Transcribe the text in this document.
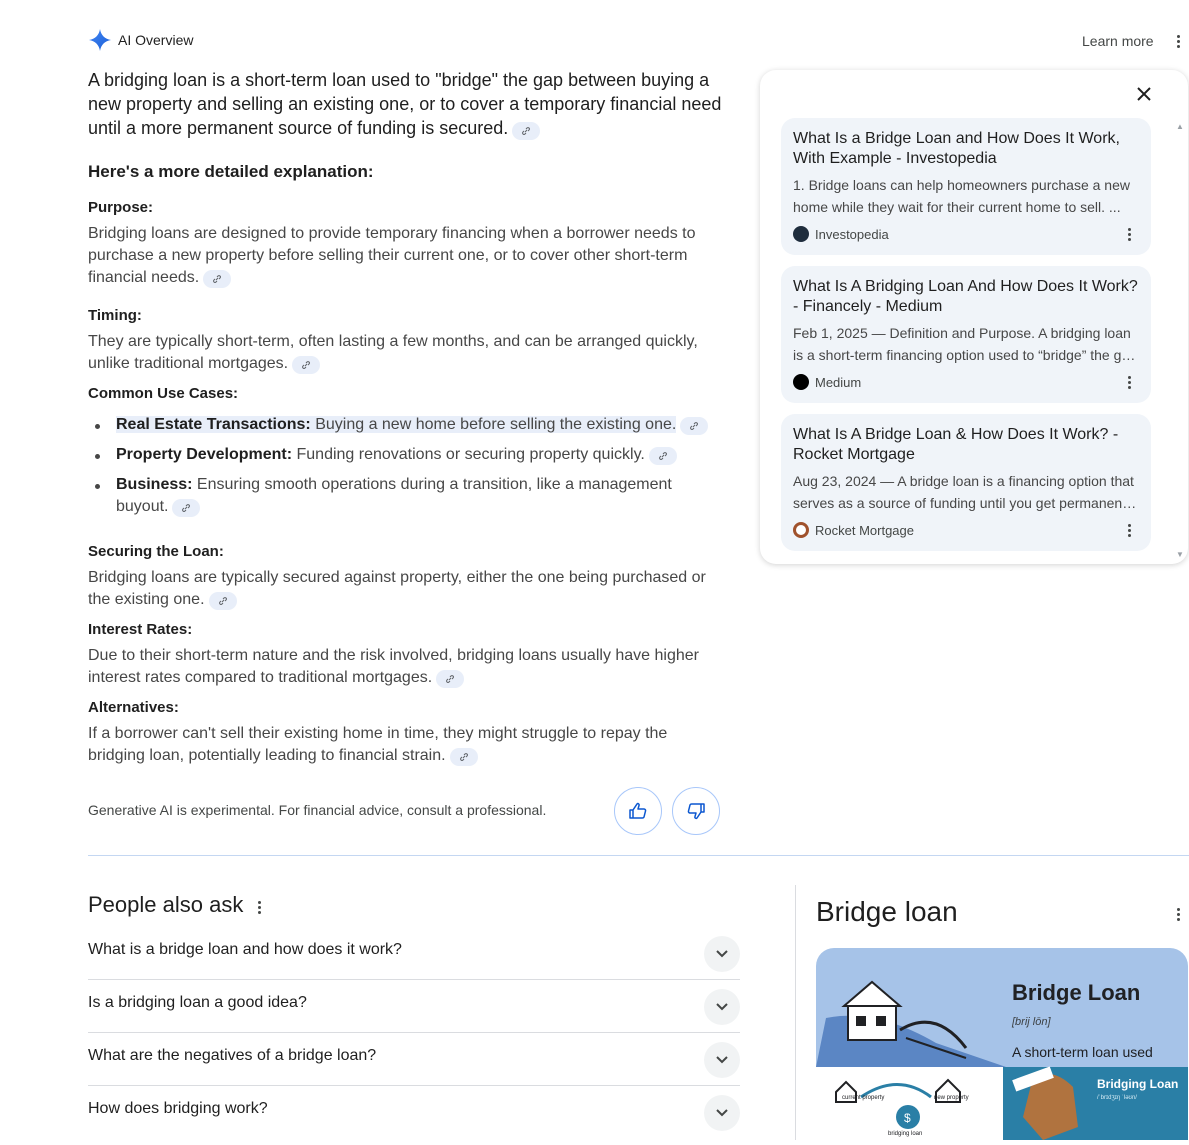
AI Overview	Learn more

A bridging loan is a short-term loan used to "bridge" the gap between buying a new property and selling an existing one, or to cover a temporary financial need until a more permanent source of funding is secured.

Here's a more detailed explanation:
Purpose:

Bridging loans are designed to provide temporary financing when a borrower needs to purchase a new property before selling their current one, or to cover other short-term financial needs.

Timing:

They are typically short-term, often lasting a few months, and can be arranged quickly, unlike traditional mortgages.

Common Use Cases:
Real Estate Transactions: Buying a new home before selling the existing one.
Property Development: Funding renovations or securing property quickly.
Business: Ensuring smooth operations during a transition, like a management buyout.
Securing the Loan:

Bridging loans are typically secured against property, either the one being purchased or the existing one.

Interest Rates:

Due to their short-term nature and the risk involved, bridging loans usually have higher interest rates compared to traditional mortgages.

Alternatives:

If a borrower can't sell their existing home in time, they might struggle to repay the bridging loan, potentially leading to financial strain.

Generative AI is experimental. For financial advice, consult a professional.
▲
What Is a Bridge Loan and How Does It Work, With Example - Investopedia
1. Bridge loans can help homeowners purchase a new home while they wait for their current home to sell. ...
Investopedia
What Is A Bridging Loan And How Does It Work? - Financely - Medium
Feb 1, 2025 — Definition and Purpose. A bridging loan is a short-term financing option used to “bridge” the gap
Medium
What Is A Bridge Loan & How Does It Work? - Rocket Mortgage
Aug 23, 2024 — A bridge loan is a financing option that serves as a source of funding until you get permanent
Rocket Mortgage
▼
People also ask
What is a bridge loan and how does it work?
Is a bridging loan a good idea?
What are the negatives of a bridge loan?
How does bridging work?
Bridge loan
Bridge Loan
[brij lōn]
A short-term loan used
$
current property	new property
bridging loan
Bridging Loan
/ˈbrɪdʒɪŋ ˈləʊn/
